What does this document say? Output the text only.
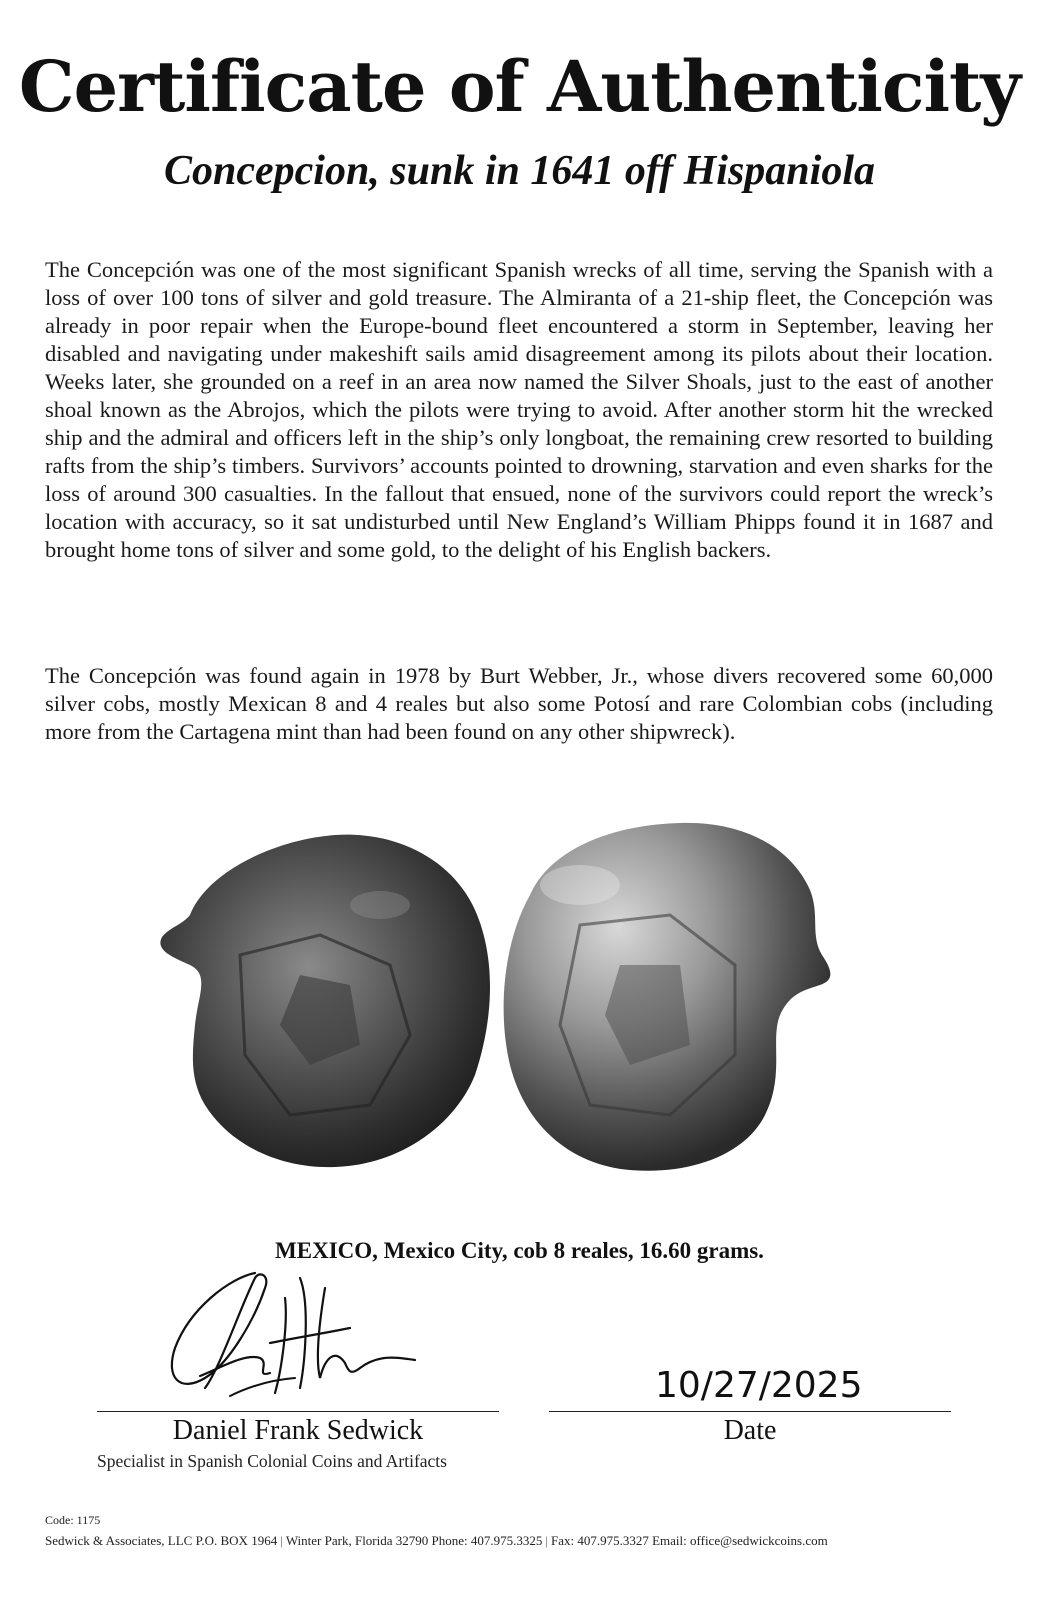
Certificate of Authenticity
Concepcion, sunk in 1641 off Hispaniola

The Concepción was one of the most significant Spanish wrecks of all time, serving the Spanish with a loss of over 100 tons of silver and gold treasure. The Almiranta of a 21-ship fleet, the Concepción was already in poor repair when the Europe-bound fleet encountered a storm in September, leaving her disabled and navigating under makeshift sails amid disagreement among its pilots about their location. Weeks later, she grounded on a reef in an area now named the Silver Shoals, just to the east of another shoal known as the Abrojos, which the pilots were trying to avoid. After another storm hit the wrecked ship and the admiral and officers left in the ship’s only longboat, the remaining crew resorted to building rafts from the ship’s timbers. Survivors’ accounts pointed to drowning, starvation and even sharks for the loss of around 300 casualties. In the fallout that ensued, none of the survivors could report the wreck’s location with accuracy, so it sat undisturbed until New England’s William Phipps found it in 1687 and brought home tons of silver and some gold, to the delight of his English backers.

The Concepción was found again in 1978 by Burt Webber, Jr., whose divers recovered some 60,000 silver cobs, mostly Mexican 8 and 4 reales but also some Potosí and rare Colombian cobs (including more from the Cartagena mint than had been found on any other shipwreck).

MEXICO, Mexico City, cob 8 reales, 16.60 grams.
10/27/2025
Daniel Frank Sedwick
Specialist in Spanish Colonial Coins and Artifacts
Date
Code: 1175
Sedwick & Associates, LLC P.O. BOX 1964 | Winter Park, Florida 32790 Phone: 407.975.3325 | Fax: 407.975.3327 Email: office@sedwickcoins.com
